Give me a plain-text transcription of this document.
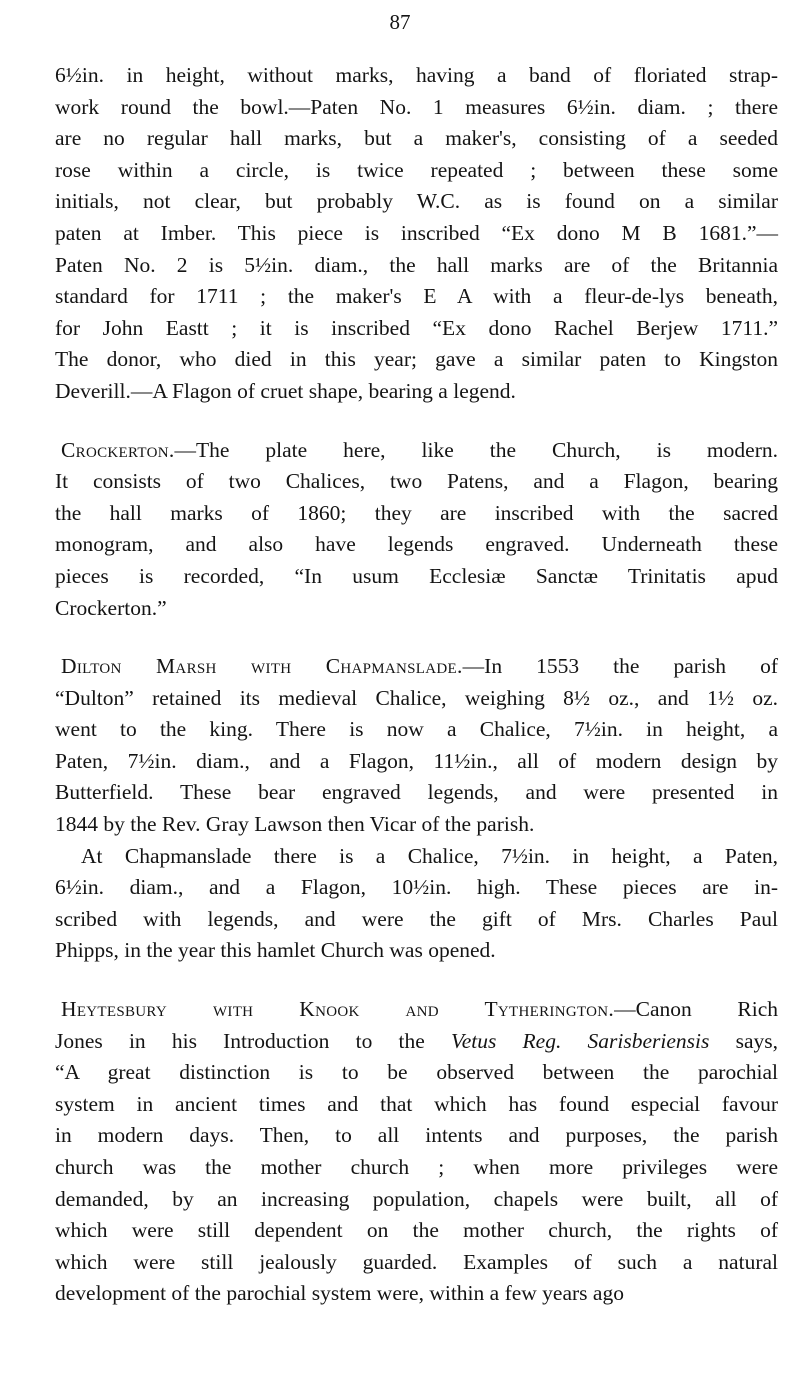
87
6½in. in height, without marks, having a band of floriated strap-
work round the bowl.—Paten No. 1 measures 6½in. diam. ; there
are no regular hall marks, but a maker's, consisting of a seeded
rose within a circle, is twice repeated ; between these some
initials, not clear, but probably W.C. as is found on a similar
paten at Imber. This piece is inscribed “Ex dono M B 1681.”—
Paten No. 2 is 5½in. diam., the hall marks are of the Britannia
standard for 1711 ; the maker's E A with a fleur-de-lys beneath,
for John Eastt ; it is inscribed “Ex dono Rachel Berjew 1711.”
The donor, who died in this year; gave a similar paten to Kingston
Deverill.—A Flagon of cruet shape, bearing a legend.
Crockerton.—The plate here, like the Church, is modern.
It consists of two Chalices, two Patens, and a Flagon, bearing
the hall marks of 1860; they are inscribed with the sacred
monogram, and also have legends engraved. Underneath these
pieces is recorded, “In usum Ecclesiæ Sanctæ Trinitatis apud
Crockerton.”
Dilton Marsh with Chapmanslade.—In 1553 the parish of
“Dulton” retained its medieval Chalice, weighing 8½ oz., and 1½ oz.
went to the king. There is now a Chalice, 7½in. in height, a
Paten, 7½in. diam., and a Flagon, 11½in., all of modern design by
Butterfield. These bear engraved legends, and were presented in
1844 by the Rev. Gray Lawson then Vicar of the parish.
At Chapmanslade there is a Chalice, 7½in. in height, a Paten,
6½in. diam., and a Flagon, 10½in. high. These pieces are in-
scribed with legends, and were the gift of Mrs. Charles Paul
Phipps, in the year this hamlet Church was opened.
Heytesbury with Knook and Tytherington.—Canon Rich
Jones in his Introduction to the Vetus Reg. Sarisberiensis says,
“A great distinction is to be observed between the parochial
system in ancient times and that which has found especial favour
in modern days. Then, to all intents and purposes, the parish
church was the mother church ; when more privileges were
demanded, by an increasing population, chapels were built, all of
which were still dependent on the mother church, the rights of
which were still jealously guarded. Examples of such a natural
development of the parochial system were, within a few years ago
